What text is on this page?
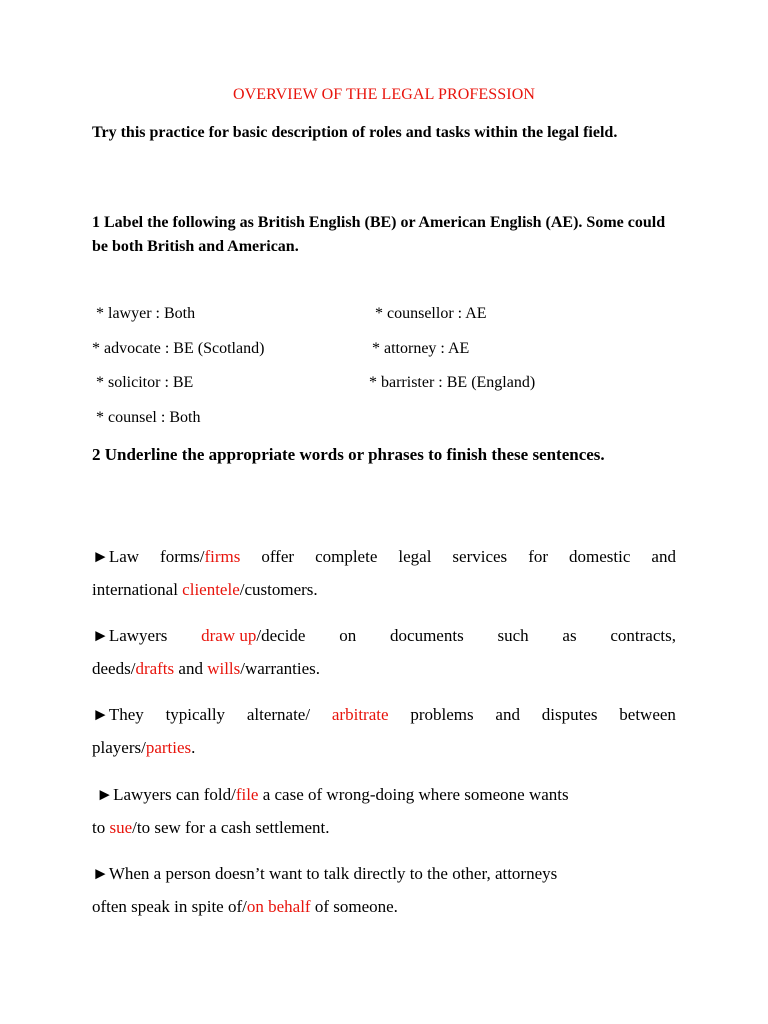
OVERVIEW OF THE LEGAL PROFESSION
Try this practice for basic description of roles and tasks within the legal field.
1 Label the following as British English (BE) or American English (AE). Some could be both British and American.
* lawyer : Both	* counsellor : AE
* advocate : BE (Scotland)	* attorney : AE
* solicitor : BE	* barrister : BE (England)
* counsel : Both
2 Underline the appropriate words or phrases to finish these sentences.
►Law forms/firms offer complete legal services for domestic and
international clientele/customers.
►Lawyers draw up/decide on documents such as contracts,
deeds/drafts and wills/warranties.
►They typically alternate/ arbitrate problems and disputes between
players/parties.
►Lawyers can fold/file a case of wrong-doing where someone wants
to sue/to sew for a cash settlement.
►When a person doesn’t want to talk directly to the other, attorneys
often speak in spite of/on behalf of someone.
